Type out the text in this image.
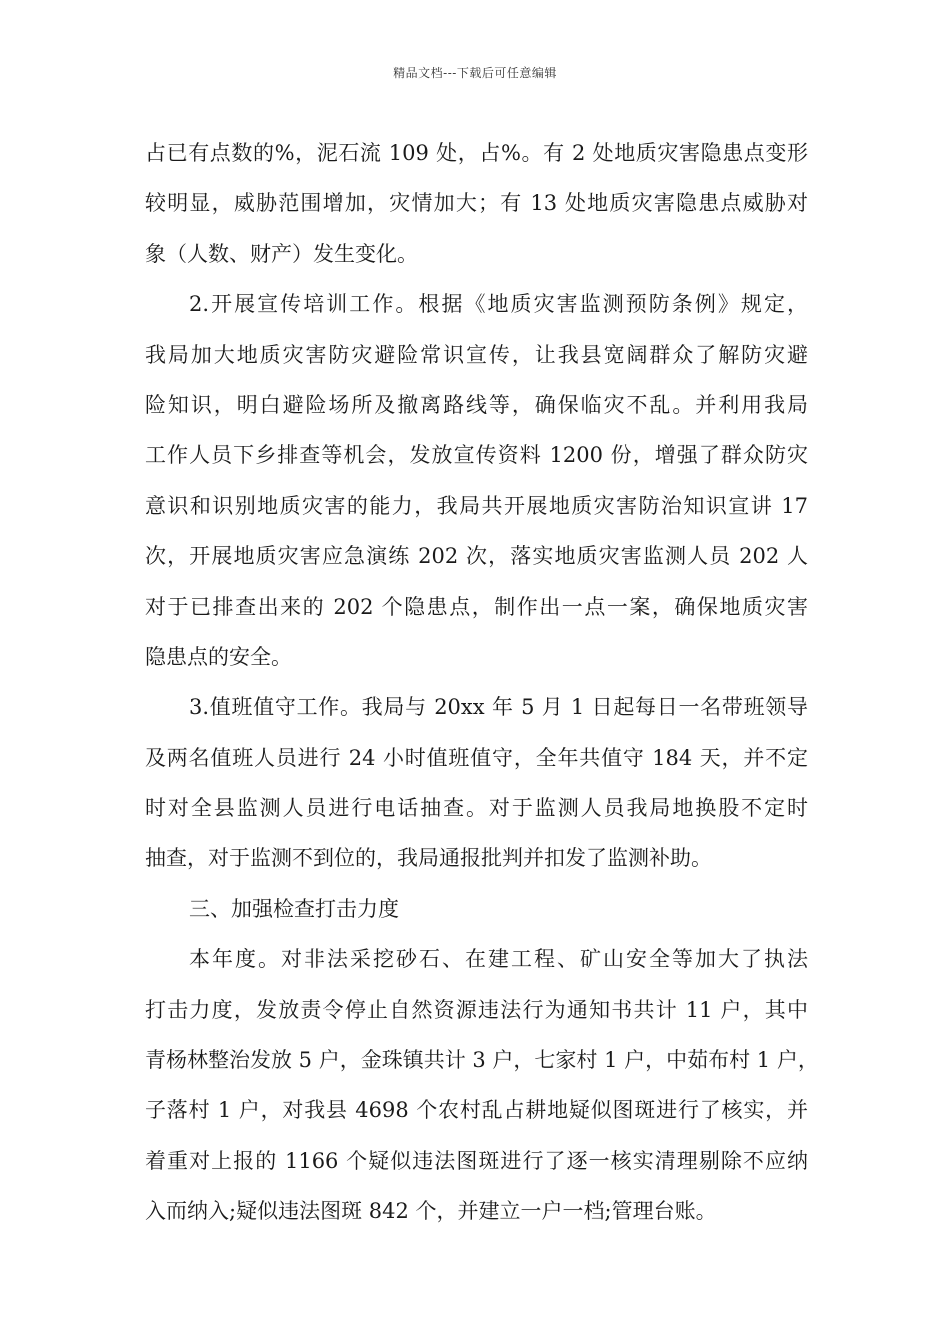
精品文档---下载后可任意编辑
占已有点数的%，泥石流 109 处，占%。有 2 处地质灾害隐患点变形
较明显，威胁范围增加，灾情加大；有 13 处地质灾害隐患点威胁对
象（人数、财产）发生变化。
2.开展宣传培训工作。根据《地质灾害监测预防条例》规定，
我局加大地质灾害防灾避险常识宣传，让我县宽阔群众了解防灾避
险知识，明白避险场所及撤离路线等，确保临灾不乱。并利用我局
工作人员下乡排查等机会，发放宣传资料 1200 份，增强了群众防灾
意识和识别地质灾害的能力，我局共开展地质灾害防治知识宣讲 17
次，开展地质灾害应急演练 202 次，落实地质灾害监测人员 202 人
对于已排查出来的 202 个隐患点，制作出一点一案，确保地质灾害
隐患点的安全。
3.值班值守工作。我局与 20xx 年 5 月 1 日起每日一名带班领导
及两名值班人员进行 24 小时值班值守，全年共值守 184 天，并不定
时对全县监测人员进行电话抽查。对于监测人员我局地换股不定时
抽查，对于监测不到位的，我局通报批判并扣发了监测补助。
三、加强检查打击力度
本年度。对非法采挖砂石、在建工程、矿山安全等加大了执法
打击力度，发放责令停止自然资源违法行为通知书共计 11 户，其中
青杨林整治发放 5 户，金珠镇共计 3 户，七家村 1 户，中茹布村 1 户，
子落村 1 户，对我县 4698 个农村乱占耕地疑似图斑进行了核实，并
着重对上报的 1166 个疑似违法图斑进行了逐一核实清理剔除不应纳
入而纳入;疑似违法图斑 842 个，并建立一户一档;管理台账。
